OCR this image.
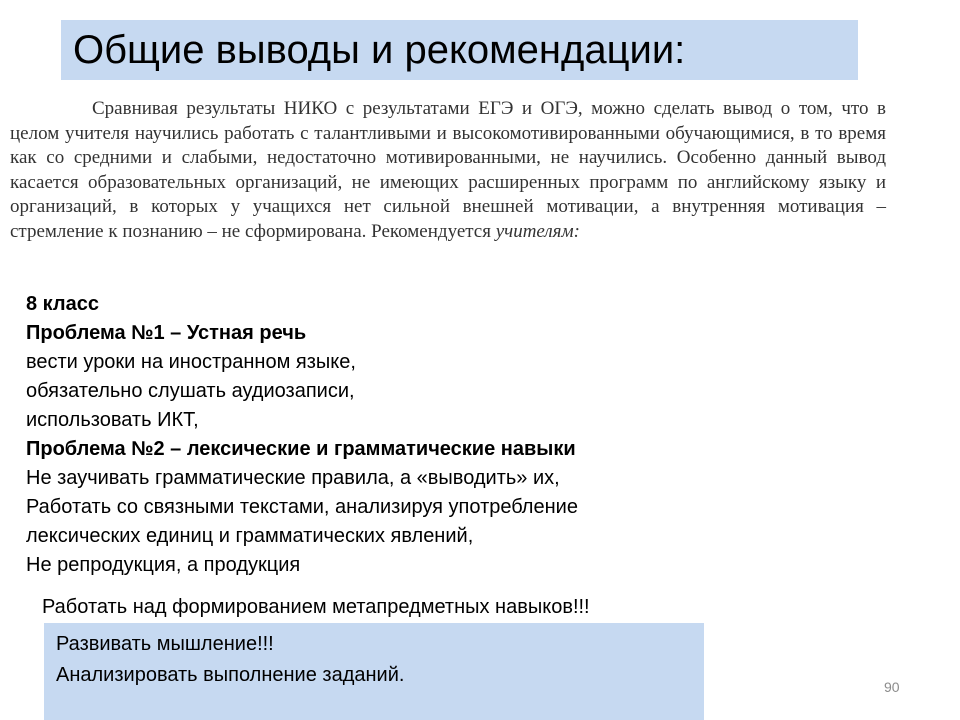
Общие выводы и рекомендации:

Сравнивая результаты НИКО с результатами ЕГЭ и ОГЭ, можно сделать вывод о том, что в целом учителя научились работать с талантливыми и высокомотивированными обучающимися, в то время как со средними и слабыми, недостаточно мотивированными, не научились. Особенно данный вывод касается образовательных организаций, не имеющих расширенных программ по английскому языку и организаций, в которых у учащихся нет сильной внешней мотивации, а внутренняя мотивация – стремление к познанию – не сформирована. Рекомендуется учителям:

8 класс
Проблема №1 – Устная речь
вести уроки на иностранном языке,
обязательно слушать аудиозаписи,
использовать ИКТ,
Проблема №2 – лексические и грамматические навыки
Не заучивать грамматические правила, а «выводить» их,
Работать со связными текстами, анализируя употребление
лексических единиц и грамматических явлений,
Не репродукция, а продукция
Работать над формированием метапредметных навыков!!!
Развивать мышление!!!
Анализировать выполнение заданий.
90
